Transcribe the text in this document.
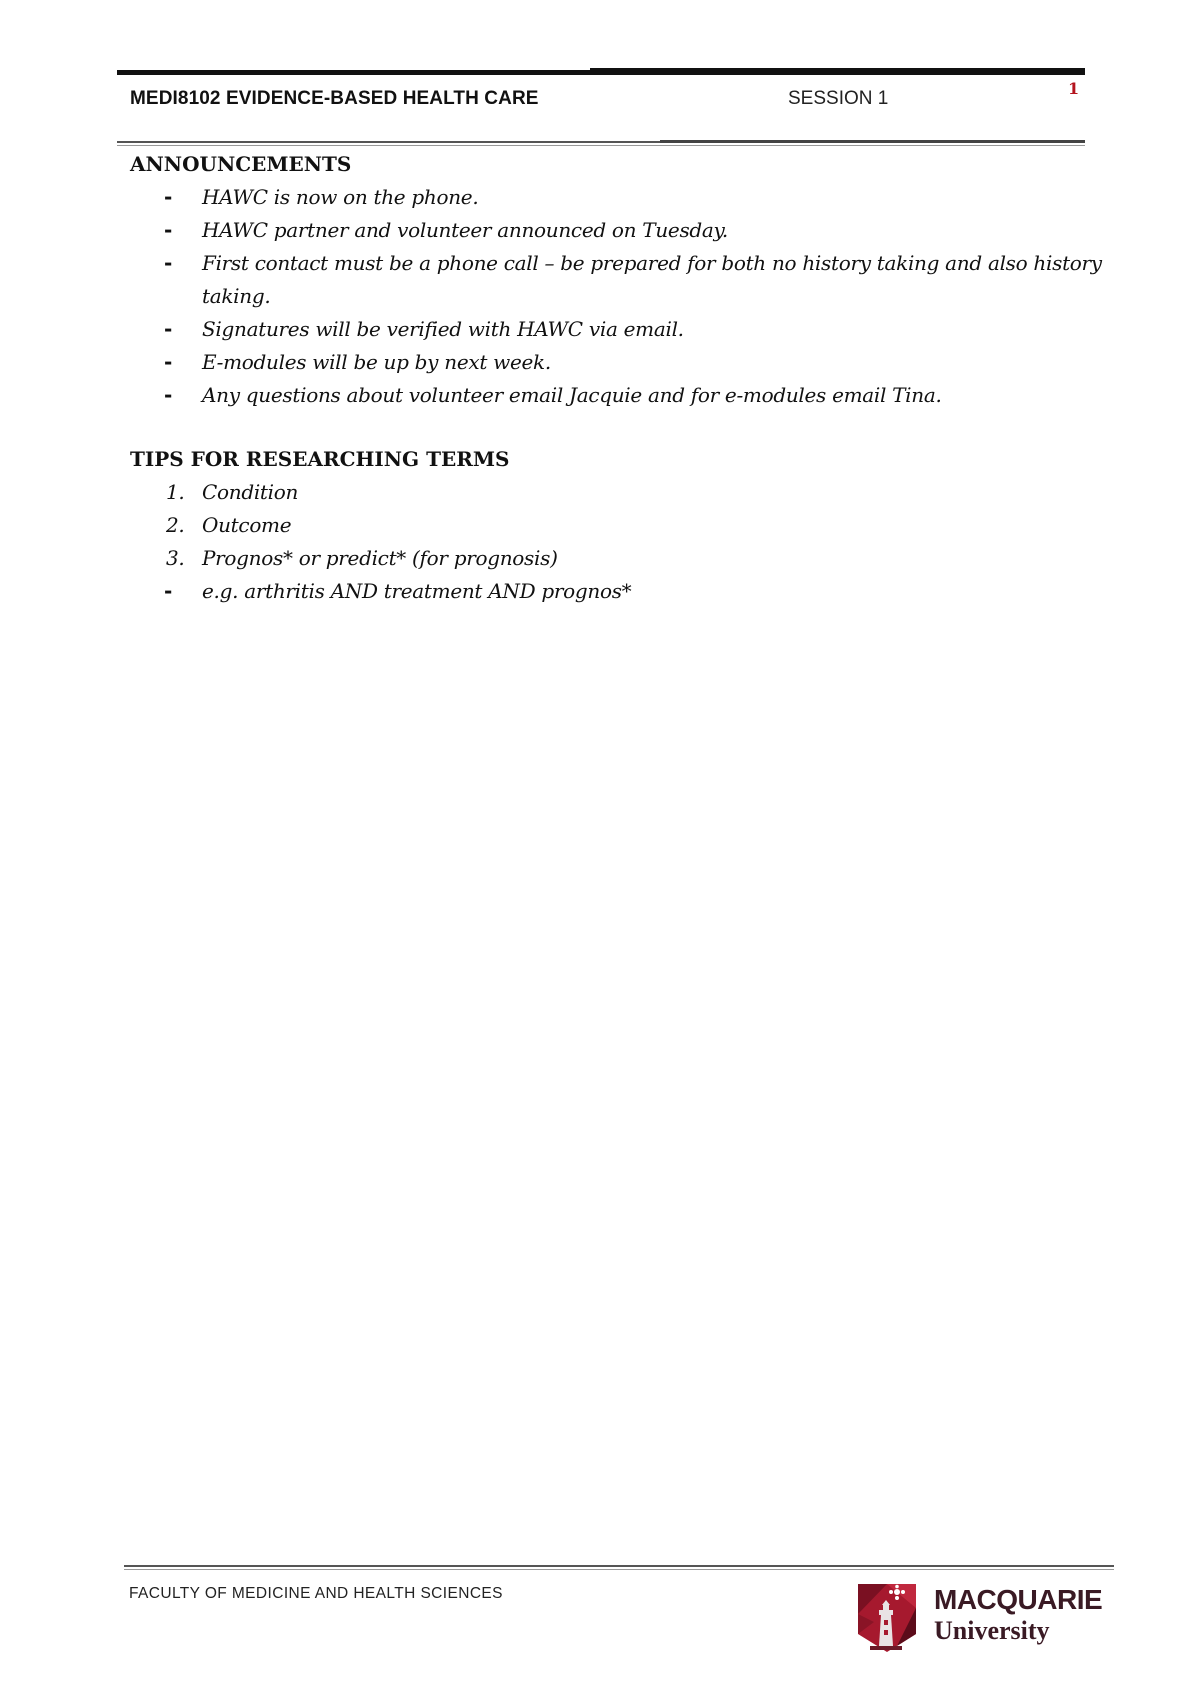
MEDI8102 EVIDENCE-BASED HEALTH CARE	SESSION 1	1
ANNOUNCEMENTS
- HAWC is now on the phone.
- HAWC partner and volunteer announced on Tuesday.
- First contact must be a phone call – be prepared for both no history taking and also history taking.
- Signatures will be verified with HAWC via email.
- E-modules will be up by next week.
- Any questions about volunteer email Jacquie and for e-modules email Tina.
TIPS FOR RESEARCHING TERMS
1. Condition
2. Outcome
3. Prognos* or predict* (for prognosis)
- e.g. arthritis AND treatment AND prognos*
FACULTY OF MEDICINE AND HEALTH SCIENCES	MACQUARIE
University
